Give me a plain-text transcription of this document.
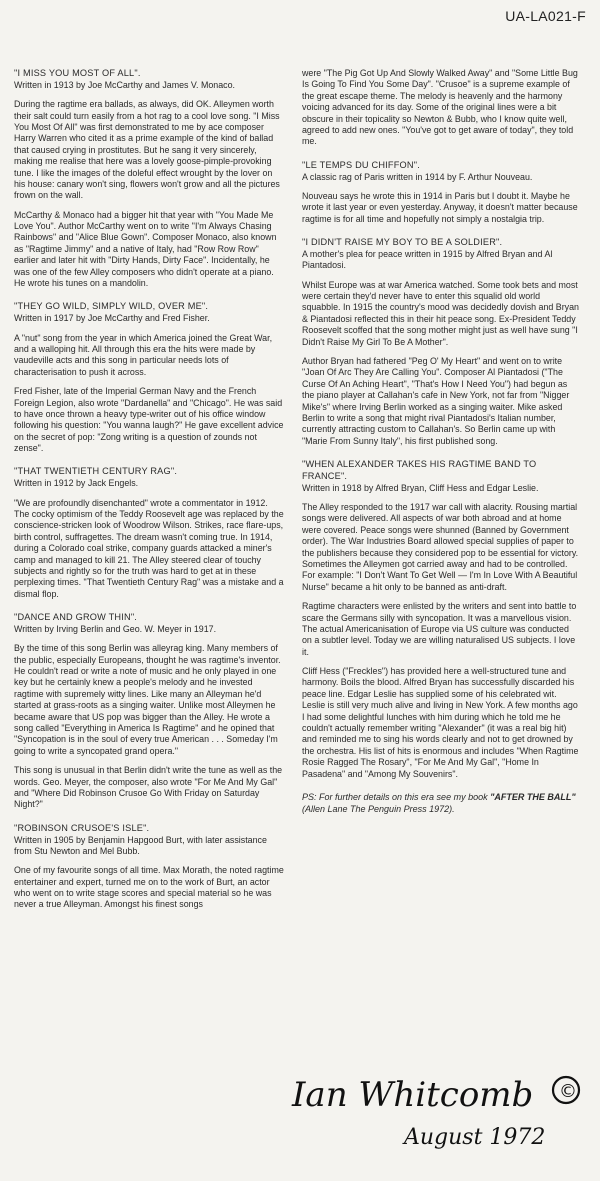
UA-LA021-F

"I MISS YOU MOST OF ALL".
Written in 1913 by Joe McCarthy and James V. Monaco.

During the ragtime era ballads, as always, did OK. Alleymen worth their salt could turn easily from a hot rag to a cool love song. "I Miss You Most Of All" was first demonstrated to me by ace composer Harry Warren who cited it as a prime example of the kind of ballad that caused crying in prostitutes. But he sang it very sincerely, making me realise that here was a lovely goose-pimple-provoking tune. I like the images of the doleful effect wrought by the lover on his house: canary won't sing, flowers won't grow and all the pictures frown on the wall.

McCarthy & Monaco had a bigger hit that year with "You Made Me Love You". Author McCarthy went on to write "I'm Always Chasing Rainbows" and "Alice Blue Gown". Composer Monaco, also known as "Ragtime Jimmy" and a native of Italy, had "Row Row Row" earlier and later hit with "Dirty Hands, Dirty Face". Incidentally, he was one of the few Alley composers who didn't operate at a piano. He wrote his tunes on a mandolin.

"THEY GO WILD, SIMPLY WILD, OVER ME".
Written in 1917 by Joe McCarthy and Fred Fisher.

A "nut" song from the year in which America joined the Great War, and a walloping hit. All through this era the hits were made by vaudeville acts and this song in particular needs lots of characterisation to push it across.

Fred Fisher, late of the Imperial German Navy and the French Foreign Legion, also wrote "Dardanella" and "Chicago". He was said to have once thrown a heavy type-writer out of his office window following his question: "You wanna laugh?" He gave excellent advice on the secret of pop: "Zong writing is a question of zounds not zense".

"THAT TWENTIETH CENTURY RAG".
Written in 1912 by Jack Engels.

"We are profoundly disenchanted" wrote a commentator in 1912. The cocky optimism of the Teddy Roosevelt age was replaced by the conscience-stricken look of Woodrow Wilson. Strikes, race flare-ups, birth control, suffragettes. The dream wasn't coming true. In 1914, during a Colorado coal strike, company guards attacked a miner's camp and managed to kill 21. The Alley steered clear of touchy subjects and rightly so for the truth was hard to get at in these perplexing times. "That Twentieth Century Rag" was a mistake and a dismal flop.

"DANCE AND GROW THIN".
Written by Irving Berlin and Geo. W. Meyer in 1917.

By the time of this song Berlin was alleyrag king. Many members of the public, especially Europeans, thought he was ragtime's inventor. He couldn't read or write a note of music and he only played in one key but he certainly knew a people's melody and he invested ragtime with supremely witty lines. Like many an Alleyman he'd started at grass-roots as a singing waiter. Unlike most Alleymen he became aware that US pop was bigger than the Alley. He wrote a song called "Everything in America Is Ragtime" and he opined that "Syncopation is in the soul of every true American . . . Someday I'm going to write a syncopated grand opera."

This song is unusual in that Berlin didn't write the tune as well as the words. Geo. Meyer, the composer, also wrote "For Me And My Gal" and "Where Did Robinson Crusoe Go With Friday on Saturday Night?"

"ROBINSON CRUSOE'S ISLE".
Written in 1905 by Benjamin Hapgood Burt, with later assistance from Stu Newton and Mel Bubb.

One of my favourite songs of all time. Max Morath, the noted ragtime entertainer and expert, turned me on to the work of Burt, an actor who went on to write stage scores and special material so he was never a true Alleyman. Amongst his finest songs

were "The Pig Got Up And Slowly Walked Away" and "Some Little Bug Is Going To Find You Some Day". "Crusoe" is a supreme example of the great escape theme. The melody is heavenly and the harmony voicing advanced for its day. Some of the original lines were a bit obscure in their topicality so Newton & Bubb, who I know quite well, agreed to add new ones. "You've got to get aware of today", they told me.

"LE TEMPS DU CHIFFON".
A classic rag of Paris written in 1914 by F. Arthur Nouveau.

Nouveau says he wrote this in 1914 in Paris but I doubt it. Maybe he wrote it last year or even yesterday. Anyway, it doesn't matter because ragtime is for all time and hopefully not simply a nostalgia trip.

"I DIDN'T RAISE MY BOY TO BE A SOLDIER".
A mother's plea for peace written in 1915 by Alfred Bryan and Al Piantadosi.

Whilst Europe was at war America watched. Some took bets and most were certain they'd never have to enter this squalid old world squabble. In 1915 the country's mood was decidedly dovish and Bryan & Piantadosi reflected this in their hit peace song. Ex-President Teddy Roosevelt scoffed that the song mother might just as well have sung "I Didn't Raise My Girl To Be A Mother".

Author Bryan had fathered "Peg O' My Heart" and went on to write "Joan Of Arc They Are Calling You". Composer Al Piantadosi ("The Curse Of An Aching Heart", "That's How I Need You") had begun as the piano player at Callahan's cafe in New York, not far from "Nigger Mike's" where Irving Berlin worked as a singing waiter. Mike asked Berlin to write a song that might rival Piantadosi's Italian number, currently attracting custom to Callahan's. So Berlin came up with "Marie From Sunny Italy", his first published song.

"WHEN ALEXANDER TAKES HIS RAGTIME BAND TO FRANCE".
Written in 1918 by Alfred Bryan, Cliff Hess and Edgar Leslie.

The Alley responded to the 1917 war call with alacrity. Rousing martial songs were delivered. All aspects of war both abroad and at home were covered. Peace songs were shunned (Banned by Government order). The War Industries Board allowed special supplies of paper to the publishers because they considered pop to be essential for victory. Sometimes the Alleymen got carried away and had to be controlled. For example: "I Don't Want To Get Well — I'm In Love With A Beautiful Nurse" became a hit only to be banned as anti-draft.

Ragtime characters were enlisted by the writers and sent into battle to scare the Germans silly with syncopation. It was a marvellous vision. The actual Americanisation of Europe via US culture was conducted on a subtler level. Today we are willing naturalised US subjects. I love it.

Cliff Hess ("Freckles") has provided here a well-structured tune and harmony. Boils the blood. Alfred Bryan has successfully discarded his peace line. Edgar Leslie has supplied some of his celebrated wit. Leslie is still very much alive and living in New York. A few months ago I had some delightful lunches with him during which he told me he couldn't actually remember writing "Alexander" (it was a real big hit) and reminded me to sing his words clearly and not to get drowned by the orchestra. His list of hits is enormous and includes "When Ragtime Rosie Ragged The Rosary", "For Me And My Gal", "Home In Pasadena" and "Among My Souvenirs".

PS: For further details on this era see my book "AFTER THE BALL" (Allen Lane The Penguin Press 1972).

Ian Whitcomb
August 1972
©
